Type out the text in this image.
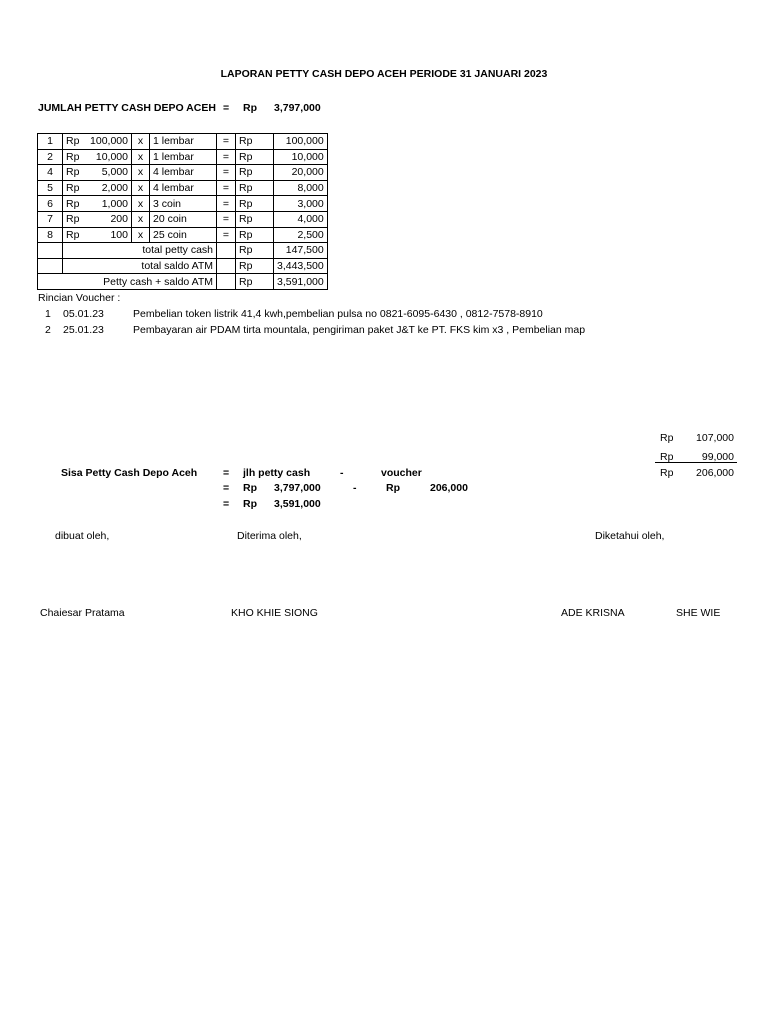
LAPORAN PETTY CASH DEPO ACEH PERIODE 31 JANUARI 2023
JUMLAH PETTY CASH DEPO ACEH = Rp 3,797,000
1	Rp 100,000	x	1 lembar	=	Rp	100,000
2	Rp 10,000	x	1 lembar	=	Rp	10,000
4	Rp 5,000	x	4 lembar	=	Rp	20,000
5	Rp 2,000	x	4 lembar	=	Rp	8,000
6	Rp 1,000	x	3 coin	=	Rp	3,000
7	Rp 200	x	20 coin	=	Rp	4,000
8	Rp 100	x	25 coin	=	Rp	2,500
	total petty cash				Rp	147,500
	total saldo ATM				Rp	3,443,500
Petty cash + saldo ATM					Rp	3,591,000
Rincian Voucher :
1 05.01.23	Pembelian token listrik 41,4 kwh,pembelian pulsa no 0821-6095-6430 , 0812-7578-8910
2 25.01.23	Pembayaran air PDAM tirta mountala, pengiriman paket J&T ke PT. FKS kim x3 , Pembelian map
Rp 107,000
Rp	99,000
Rp 206,000
Sisa Petty Cash Depo Aceh = jlh petty cash	-	voucher
= Rp 3,797,000	-	Rp	206,000
= Rp 3,591,000
dibuat oleh,	Diterima oleh,	Diketahui oleh,
Chaiesar Pratama	KHO KHIE SIONG	ADE KRISNA	SHE WIE
